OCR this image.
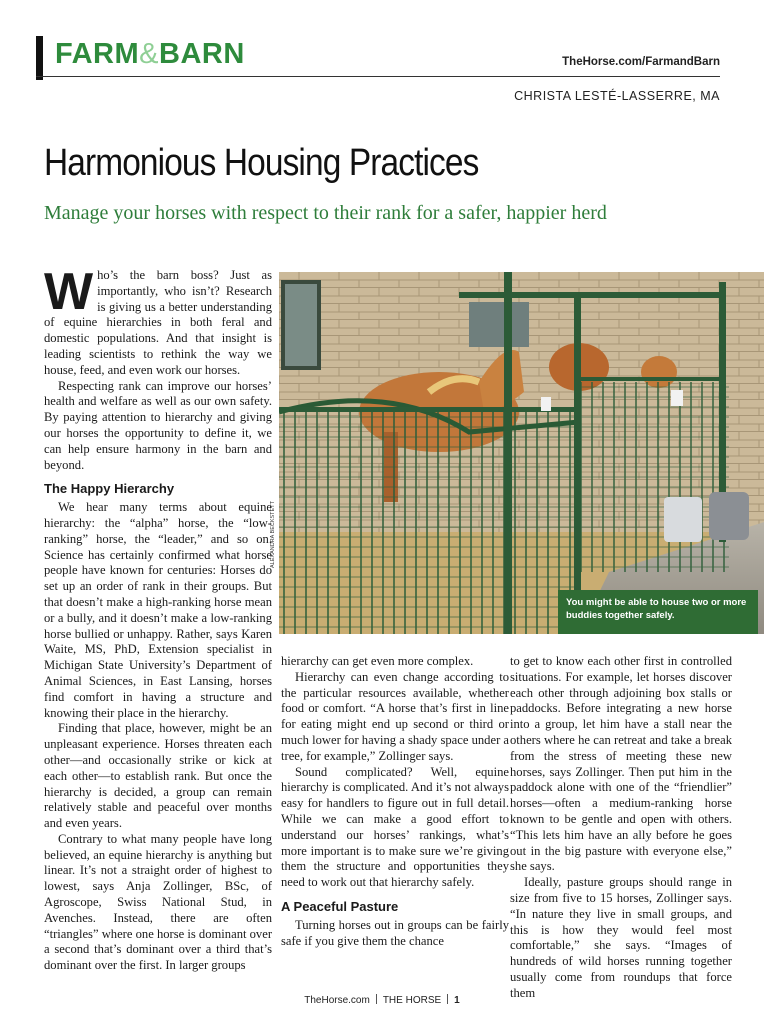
FARM&BARN	TheHorse.com/FarmandBarn
CHRISTA LESTÉ-LASSERRE, MA
Harmonious Housing Practices
Manage your horses with respect to their rank for a safer, happier herd
W ho’s the barn boss? Just as importantly, who isn’t? Research is giving us a better understanding of equine hierarchies in both feral and domestic populations. And that insight is leading scientists to rethink the way we house, feed, and even work our horses.

Respecting rank can improve our horses’ health and welfare as well as our own safety. By paying attention to hierarchy and giving our horses the opportunity to define it, we can help ensure harmony in the barn and beyond.

The Happy Hierarchy

We hear many terms about equine hierarchy: the “alpha” horse, the “low-ranking” horse, the “leader,” and so on. Science has certainly confirmed what horse people have known for centuries: Horses do set up an order of rank in their groups. But that doesn’t make a high-ranking horse mean or a bully, and it doesn’t make a low-ranking horse bullied or unhappy. Rather, says Karen Waite, MS, PhD, Extension specialist in Michigan State University’s Department of Animal Sciences, in East Lansing, horses find comfort in having a structure and knowing their place in the hierarchy.

Finding that place, however, might be an unpleasant experience. Horses threaten each other—and occasionally strike or kick at each other—to establish rank. But once the hierarchy is decided, a group can remain relatively stable and peaceful over months and even years.

Contrary to what many people have long believed, an equine hierarchy is anything but linear. It’s not a straight order of highest to lowest, says Anja Zollinger, BSc, of Agroscope, Swiss National Stud, in Avenches. Instead, there are often “triangles” where one horse is dominant over a second that’s dominant over a third that’s dominant over the first. In larger groups

ALEXANDRA BECKSTETT
You might be able to house two or more buddies together safely.

hierarchy can get even more complex.

Hierarchy can even change according to the particular resources available, whether food or comfort. “A horse that’s first in line for eating might end up second or third or much lower for having a shady space under a tree, for example,” Zollinger says.

Sound complicated? Well, equine hierarchy is complicated. And it’s not always easy for handlers to figure out in full detail. While we can make a good effort to understand our horses’ rankings, what’s more important is to make sure we’re giving them the structure and opportunities they need to work out that hierarchy safely.

A Peaceful Pasture

Turning horses out in groups can be fairly safe if you give them the chance

to get to know each other first in controlled situations. For example, let horses discover each other through adjoining box stalls or paddocks. Before integrating a new horse into a group, let him have a stall near the others where he can retreat and take a break from the stress of meeting these new horses, says Zollinger. Then put him in the paddock alone with one of the “friendlier” horses—often a medium-ranking horse known to be gentle and open with others. “This lets him have an ally before he goes out in the big pasture with everyone else,” she says.

Ideally, pasture groups should range in size from five to 15 horses, Zollinger says. “In nature they live in small groups, and this is how they would feel most comfortable,” she says. “Images of hundreds of wild horses running together usually come from roundups that force them

TheHorse.com THE HORSE 1
